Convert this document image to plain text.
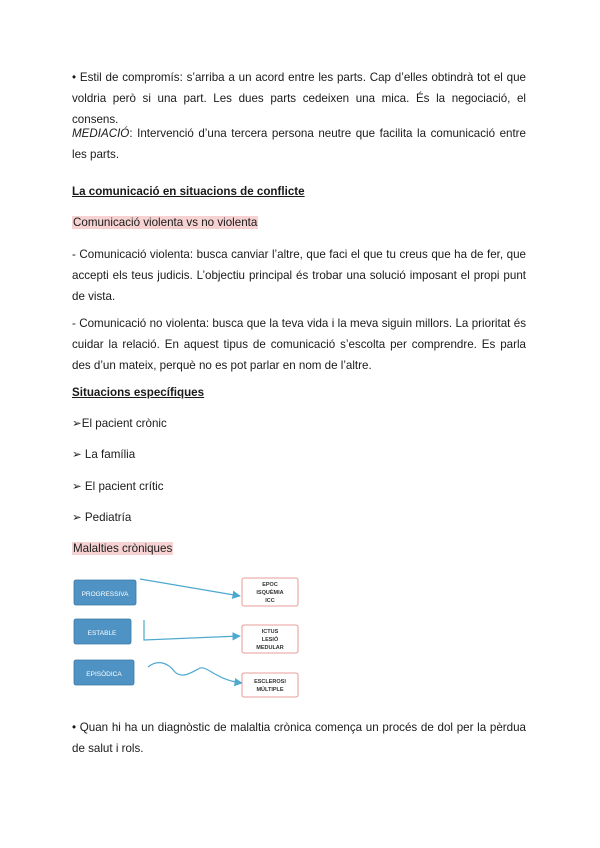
• Estil de compromís: s’arriba a un acord entre les parts. Cap d’elles obtindrà tot el que voldria però si una part. Les dues parts cedeixen una mica. És la negociació, el consens.

MEDIACIÓ: Intervenció d’una tercera persona neutre que facilita la comunicació entre les parts.

La comunicació en situacions de conflicte

Comunicació violenta vs no violenta

- Comunicació violenta: busca canviar l’altre, que faci el que tu creus que ha de fer, que accepti els teus judicis. L’objectiu principal és trobar una solució imposant el propi punt de vista.

- Comunicació no violenta: busca que la teva vida i la meva siguin millors. La prioritat és cuidar la relació. En aquest tipus de comunicació s’escolta per comprendre. Es parla des d’un mateix, perquè no es pot parlar en nom de l’altre.

Situacions específiques

➢El pacient crònic

➢ La família

➢ El pacient crític

➢ Pediatría

Malalties cròniques

PROGRESSIVA
ESTABLE
EPISÒDICA
EPOC
ISQUÈMIA
ICC
ICTUS
LESIÓ
MEDULAR
ESCLEROSI
MÚLTIPLE

• Quan hi ha un diagnòstic de malaltia crònica comença un procés de dol per la pèrdua de salut i rols.
